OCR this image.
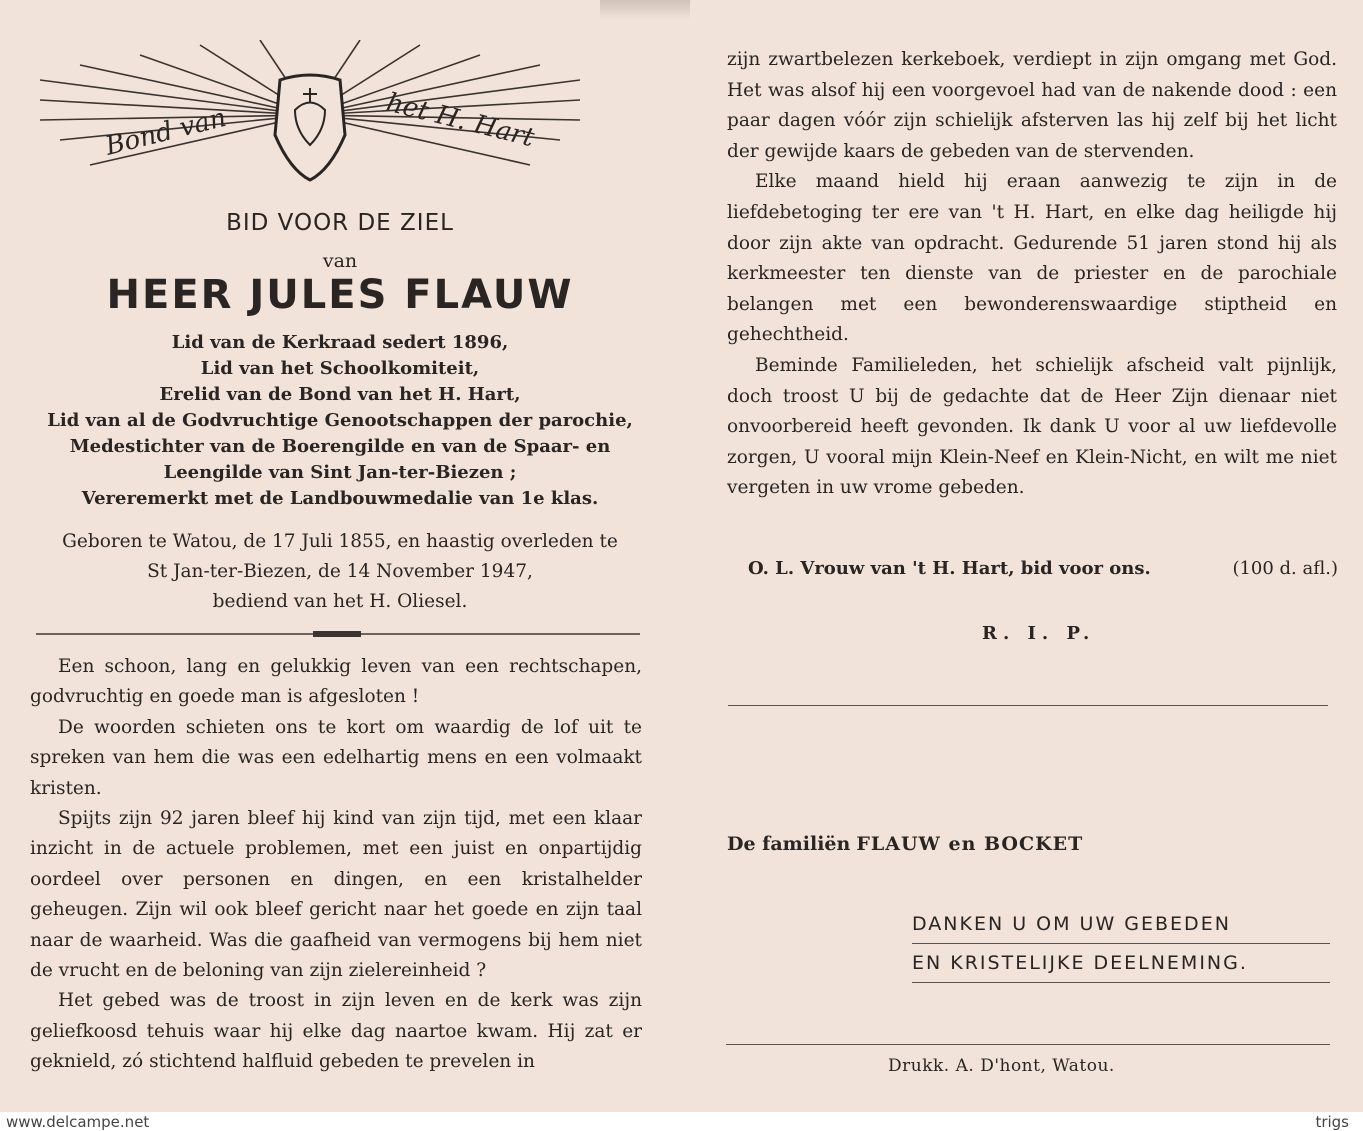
Bond van	het H. Hart
BID VOOR DE ZIEL
van
HEER JULES FLAUW
Lid van de Kerkraad sedert 1896,
Lid van het Schoolkomiteit,
Erelid van de Bond van het H. Hart,
Lid van al de Godvruchtige Genootschappen der parochie,
Medestichter van de Boerengilde en van de Spaar- en
Leengilde van Sint Jan-ter-Biezen ;
Vereremerkt met de Landbouwmedalie van 1e klas.
Geboren te Watou, de 17 Juli 1855, en haastig overleden te
St Jan-ter-Biezen, de 14 November 1947,
bediend van het H. Oliesel.

Een schoon, lang en gelukkig leven van een rechtschapen, godvruchtig en goede man is afgesloten !

De woorden schieten ons te kort om waardig de lof uit te spreken van hem die was een edelhartig mens en een volmaakt kristen.

Spijts zijn 92 jaren bleef hij kind van zijn tijd, met een klaar inzicht in de actuele problemen, met een juist en onpartijdig oordeel over personen en dingen, en een kristalhelder geheugen. Zijn wil ook bleef gericht naar het goede en zijn taal naar de waarheid. Was die gaafheid van vermogens bij hem niet de vrucht en de beloning van zijn zielereinheid ?

Het gebed was de troost in zijn leven en de kerk was zijn geliefkoosd tehuis waar hij elke dag naartoe kwam. Hij zat er geknield, zó stichtend halfluid gebeden te prevelen in

zijn zwartbelezen kerkeboek, verdiept in zijn omgang met God. Het was alsof hij een voorgevoel had van de nakende dood : een paar dagen vóór zijn schielijk afsterven las hij zelf bij het licht der gewijde kaars de gebeden van de stervenden.

Elke maand hield hij eraan aanwezig te zijn in de liefdebetoging ter ere van 't H. Hart, en elke dag heiligde hij door zijn akte van opdracht. Gedurende 51 jaren stond hij als kerkmeester ten dienste van de priester en de parochiale belangen met een bewonderenswaardige stiptheid en gehechtheid.

Beminde Familieleden, het schielijk afscheid valt pijnlijk, doch troost U bij de gedachte dat de Heer Zijn dienaar niet onvoorbereid heeft gevonden. Ik dank U voor al uw liefdevolle zorgen, U vooral mijn Klein-Neef en Klein-Nicht, en wilt me niet vergeten in uw vrome gebeden.

O. L. Vrouw van 't H. Hart, bid voor ons.	(100 d. afl.)
R. I. P.
De familiën FLAUW en BOCKET
DANKEN U OM UW GEBEDEN
EN KRISTELIJKE DEELNEMING.
Drukk. A. D'hont, Watou.
www.delcampe.net	trigs
